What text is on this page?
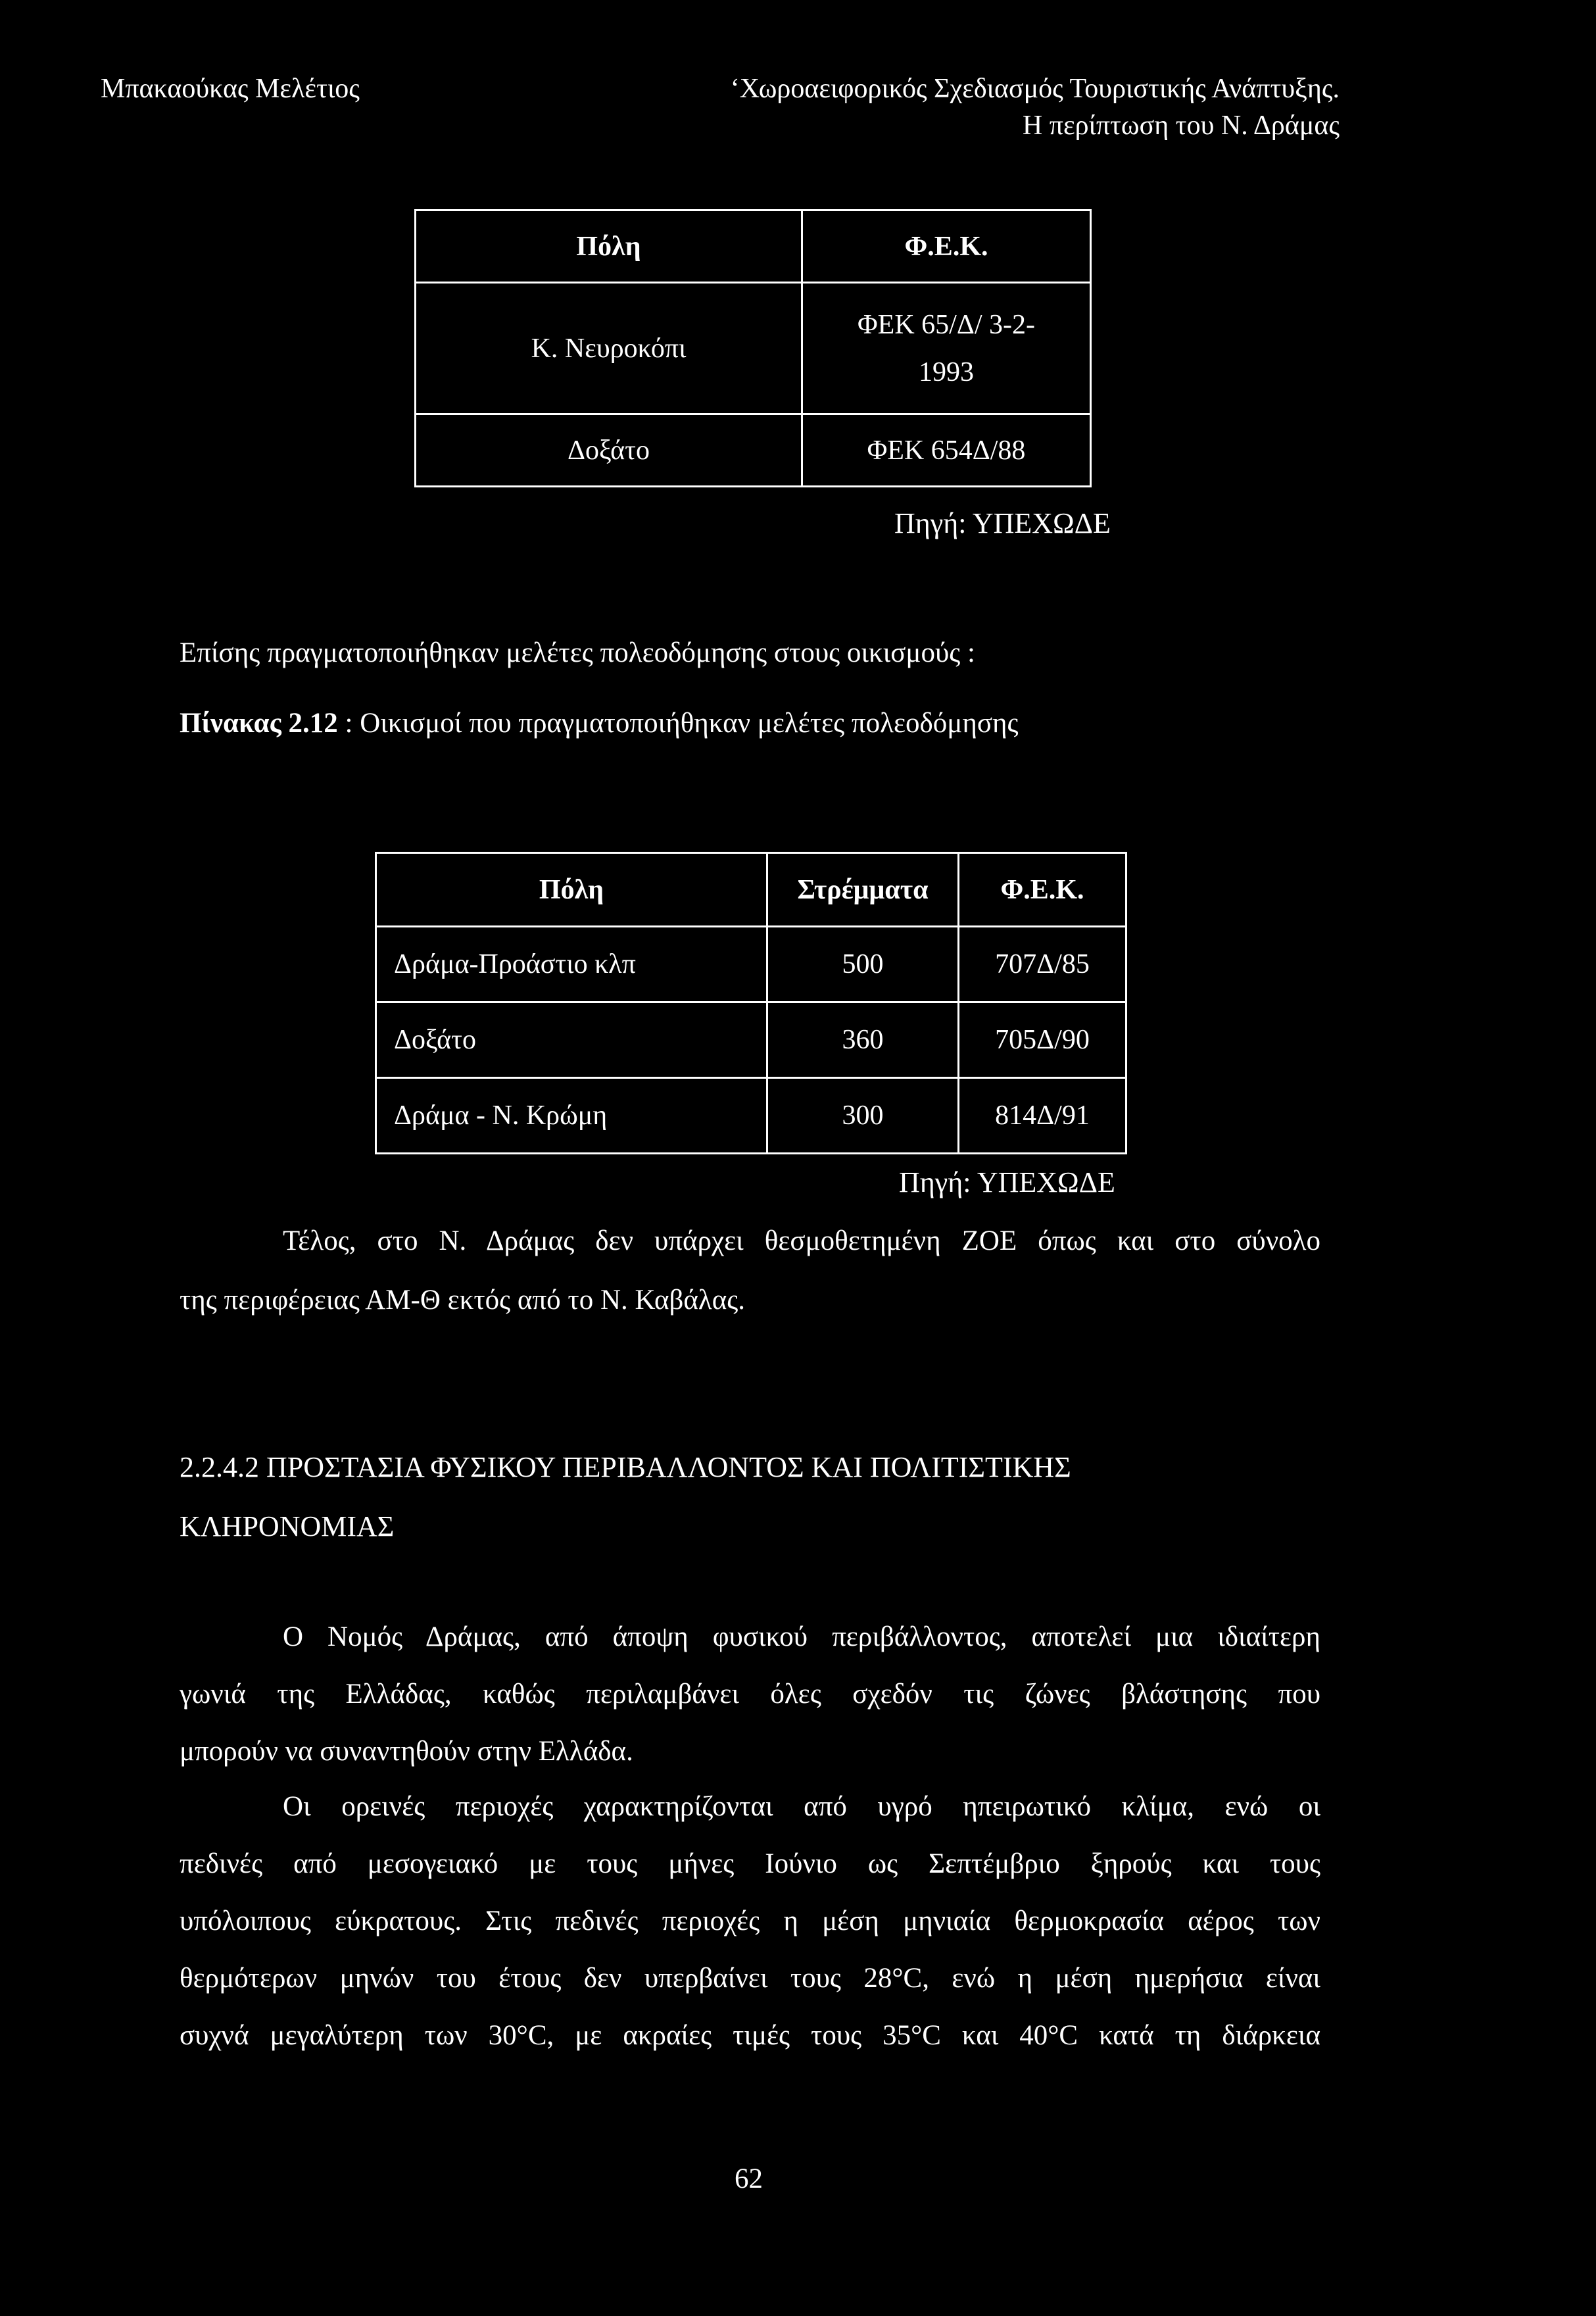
Μπακαούκας Μελέτιος	‘Χωροαειφορικός Σχεδιασμός Τουριστικής Ανάπτυξης.
Η περίπτωση του Ν. Δράμας
Πόλη	Φ.Ε.Κ.
Κ. Νευροκόπι	ΦΕΚ 65/Δ/ 3-2-
1993

Δοξάτο	ΦΕΚ 654Δ/88
Πηγή: ΥΠΕΧΩΔΕ
Επίσης πραγματοποιήθηκαν μελέτες πολεοδόμησης στους οικισμούς :
Πίνακας 2.12 : Οικισμοί που πραγματοποιήθηκαν μελέτες πολεοδόμησης
Πόλη	Στρέμματα	Φ.Ε.Κ.
Δράμα-Προάστιο κλπ	500	707Δ/85
Δοξάτο	360	705Δ/90
Δράμα - Ν. Κρώμη	300	814Δ/91
Πηγή: ΥΠΕΧΩΔΕ
Τέλος, στο Ν. Δράμας δεν υπάρχει θεσμοθετημένη ΖΟΕ όπως και στο σύνολο
της περιφέρειας ΑΜ-Θ εκτός από το Ν. Καβάλας.
2.2.4.2 ΠΡΟΣΤΑΣΙΑ ΦΥΣΙΚΟΥ ΠΕΡΙΒΑΛΛΟΝΤΟΣ ΚΑΙ ΠΟΛΙΤΙΣΤΙΚΗΣ
ΚΛΗΡΟΝΟΜΙΑΣ
Ο Νομός Δράμας, από άποψη φυσικού περιβάλλοντος, αποτελεί μια ιδιαίτερη
γωνιά της Ελλάδας, καθώς περιλαμβάνει όλες σχεδόν τις ζώνες βλάστησης που
μπορούν να συναντηθούν στην Ελλάδα.
Οι ορεινές περιοχές χαρακτηρίζονται από υγρό ηπειρωτικό κλίμα, ενώ οι
πεδινές από μεσογειακό με τους μήνες Ιούνιο ως Σεπτέμβριο ξηρούς και τους
υπόλοιπους εύκρατους. Στις πεδινές περιοχές η μέση μηνιαία θερμοκρασία αέρος των
θερμότερων μηνών του έτους δεν υπερβαίνει τους 28°C, ενώ η μέση ημερήσια είναι
συχνά μεγαλύτερη των 30°C, με ακραίες τιμές τους 35°C και 40°C κατά τη διάρκεια
62
